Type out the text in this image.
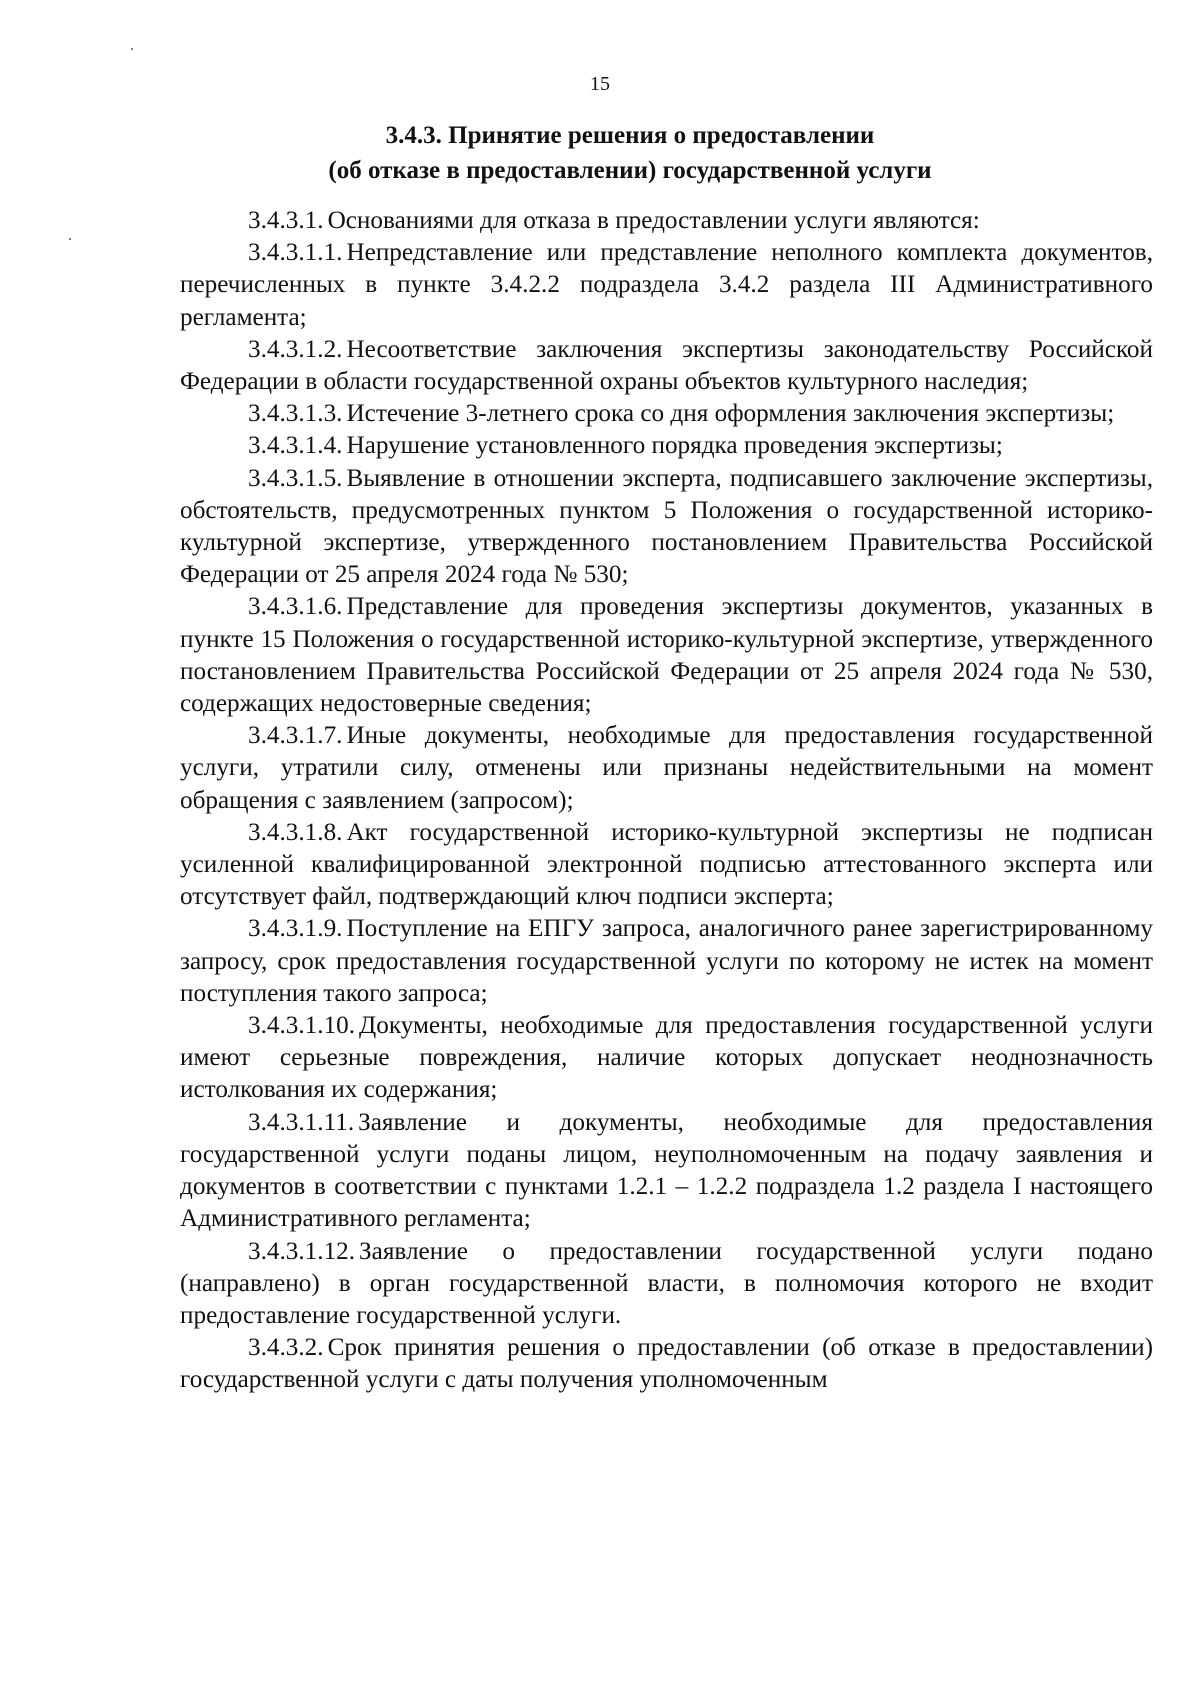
15
3.4.3. Принятие решения о предоставлении
(об отказе в предоставлении) государственной услуги

3.4.3.1. Основаниями для отказа в предоставлении услуги являются:

3.4.3.1.1. Непредставление или представление неполного комплекта документов, перечисленных в пункте 3.4.2.2 подраздела 3.4.2 раздела III Административного регламента;

3.4.3.1.2. Несоответствие заключения экспертизы законодательству Российской Федерации в области государственной охраны объектов культурного наследия;

3.4.3.1.3. Истечение 3-летнего срока со дня оформления заключения экспертизы;

3.4.3.1.4. Нарушение установленного порядка проведения экспертизы;

3.4.3.1.5. Выявление в отношении эксперта, подписавшего заключение экспертизы, обстоятельств, предусмотренных пунктом 5 Положения о государственной историко-культурной экспертизе, утвержденного постановлением Правительства Российской Федерации от 25 апреля 2024 года № 530;

3.4.3.1.6. Представление для проведения экспертизы документов, указанных в пункте 15 Положения о государственной историко-культурной экспертизе, утвержденного постановлением Правительства Российской Федерации от 25 апреля 2024 года № 530, содержащих недостоверные сведения;

3.4.3.1.7. Иные документы, необходимые для предоставления государственной услуги, утратили силу, отменены или признаны недействительными на момент обращения с заявлением (запросом);

3.4.3.1.8. Акт государственной историко-культурной экспертизы не подписан усиленной квалифицированной электронной подписью аттестованного эксперта или отсутствует файл, подтверждающий ключ подписи эксперта;

3.4.3.1.9. Поступление на ЕПГУ запроса, аналогичного ранее зарегистрированному запросу, срок предоставления государственной услуги по которому не истек на момент поступления такого запроса;

3.4.3.1.10. Документы, необходимые для предоставления государственной услуги имеют серьезные повреждения, наличие которых допускает неоднозначность истолкования их содержания;

3.4.3.1.11. Заявление и документы, необходимые для предоставления государственной услуги поданы лицом, неуполномоченным на подачу заявления и документов в соответствии с пунктами 1.2.1 – 1.2.2 подраздела 1.2 раздела I настоящего Административного регламента;

3.4.3.1.12. Заявление о предоставлении государственной услуги подано (направлено) в орган государственной власти, в полномочия которого не входит предоставление государственной услуги.

3.4.3.2. Срок принятия решения о предоставлении (об отказе в предоставлении) государственной услуги с даты получения уполномоченным
